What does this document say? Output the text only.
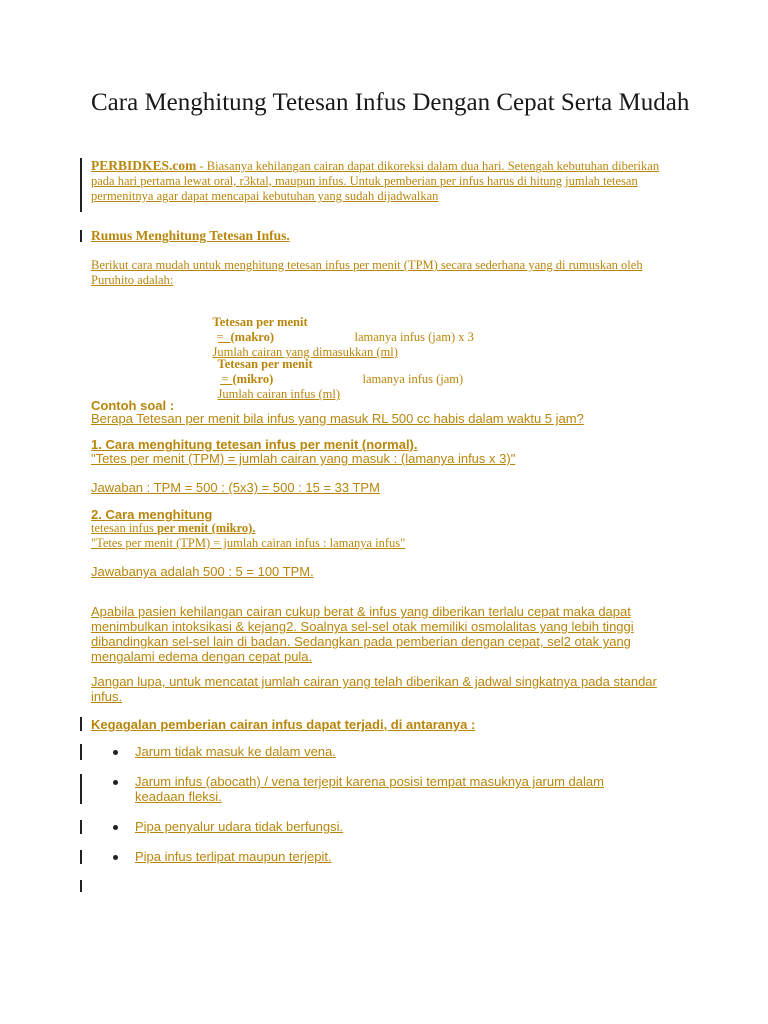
Cara Menghitung Tetesan Infus Dengan Cepat Serta Mudah

PERBIDKES.com - Biasanya kehilangan cairan dapat dikoreksi dalam dua hari. Setengah kebutuhan diberikan pada hari pertama lewat oral, r3ktal, maupun infus. Untuk pemberian per infus harus di hitung jumlah tetesan permenitnya agar dapat mencapai kebutuhan yang sudah dijadwalkan

Rumus Menghitung Tetesan Infus.

Berikut cara mudah untuk menghitung tetesan infus per menit (TPM) secara sederhana yang di rumuskan oleh Puruhito adalah:

Tetesan per menit
=
Jumlah cairan yang dimasukkan (ml)

(makro)	lamanya infus (jam) x 3

Tetesan per menit
=
Jumlah cairan infus (ml)

(mikro)	lamanya infus (jam)

Contoh soal :
Berapa Tetesan per menit bila infus yang masuk RL 500 cc habis dalam waktu 5 jam?
1. Cara menghitung tetesan infus per menit (normal).
"Tetes per menit (TPM) = jumlah cairan yang masuk : (lamanya infus x 3)"
Jawaban : TPM = 500 : (5x3) = 500 : 15 = 33 TPM
2. Cara menghitung
tetesan infus per menit (mikro).
"Tetes per menit (TPM) = jumlah cairan infus : lamanya infus"
Jawabanya adalah 500 : 5 = 100 TPM.

Apabila pasien kehilangan cairan cukup berat & infus yang diberikan terlalu cepat maka dapat menimbulkan intoksikasi & kejang2. Soalnya sel-sel otak memiliki osmolalitas yang lebih tinggi dibandingkan sel-sel lain di badan. Sedangkan pada pemberian dengan cepat, sel2 otak yang mengalami edema dengan cepat pula.

Jangan lupa, untuk mencatat jumlah cairan yang telah diberikan & jadwal singkatnya pada standar infus.

Kegagalan pemberian cairan infus dapat terjadi, di antaranya :
Jarum tidak masuk ke dalam vena.
Jarum infus (abocath) / vena terjepit karena posisi tempat masuknya jarum dalam keadaan fleksi.
Pipa penyalur udara tidak berfungsi.
Pipa infus terlipat maupun terjepit.
